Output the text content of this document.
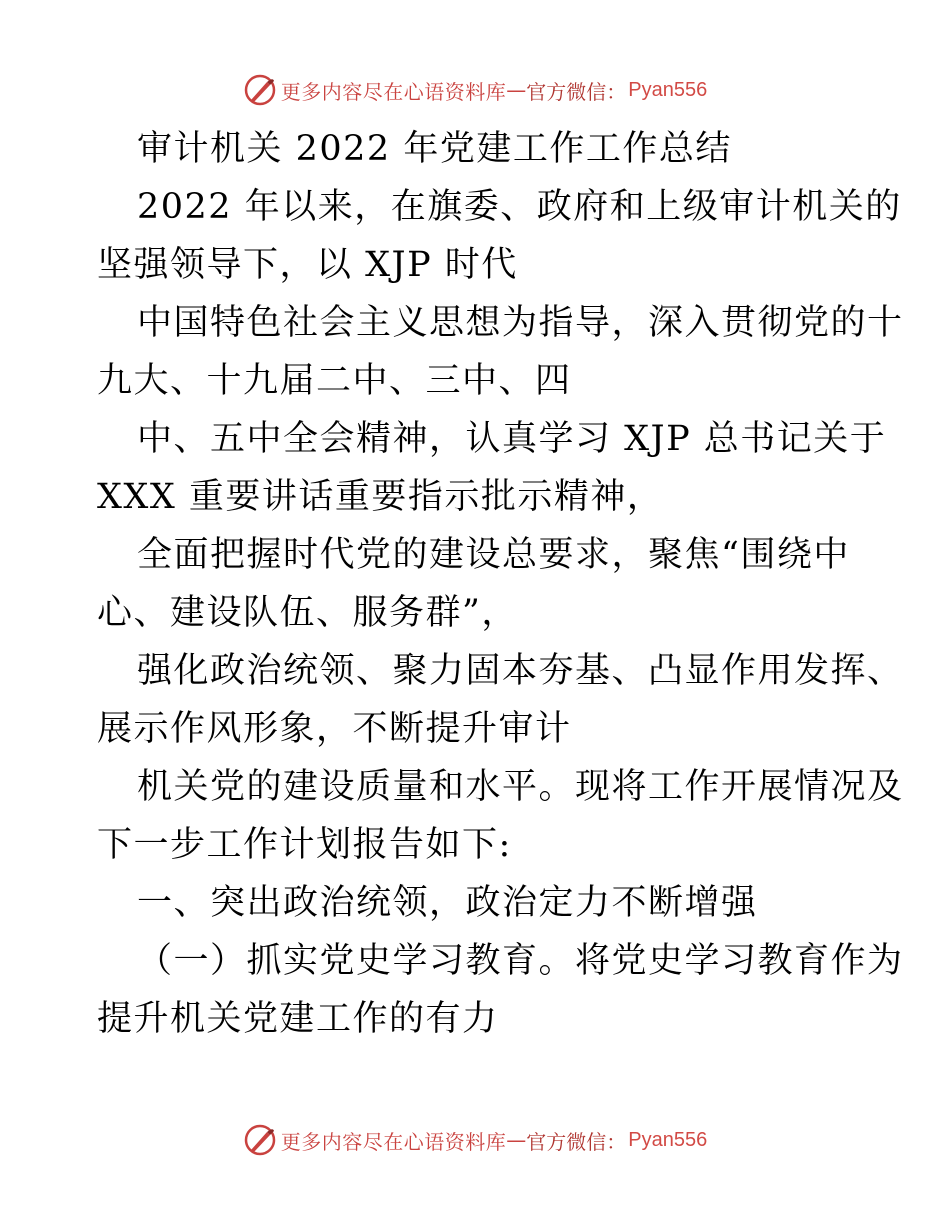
更多内容尽在心语资料库 — 官方微信： Pyan556

审计机关 2022 年党建工作工作总结

2022 年以来，在旗委、政府和上级审计机关的

坚强领导下，以 XJP 时代

中国特色社会主义思想为指导，深入贯彻党的十

九大、十九届二中、三中、四

中、五中全会精神，认真学习 XJP 总书记关于

XXX 重要讲话重要指示批示精神，

全面把握时代党的建设总要求，聚焦“围绕中

心、建设队伍、服务群”，

强化政治统领、聚力固本夯基、凸显作用发挥、

展示作风形象，不断提升审计

机关党的建设质量和水平。现将工作开展情况及

下一步工作计划报告如下:

一、突出政治统领，政治定力不断增强

（一）抓实党史学习教育。将党史学习教育作为

提升机关党建工作的有力

更多内容尽在心语资料库 — 官方微信： Pyan556
